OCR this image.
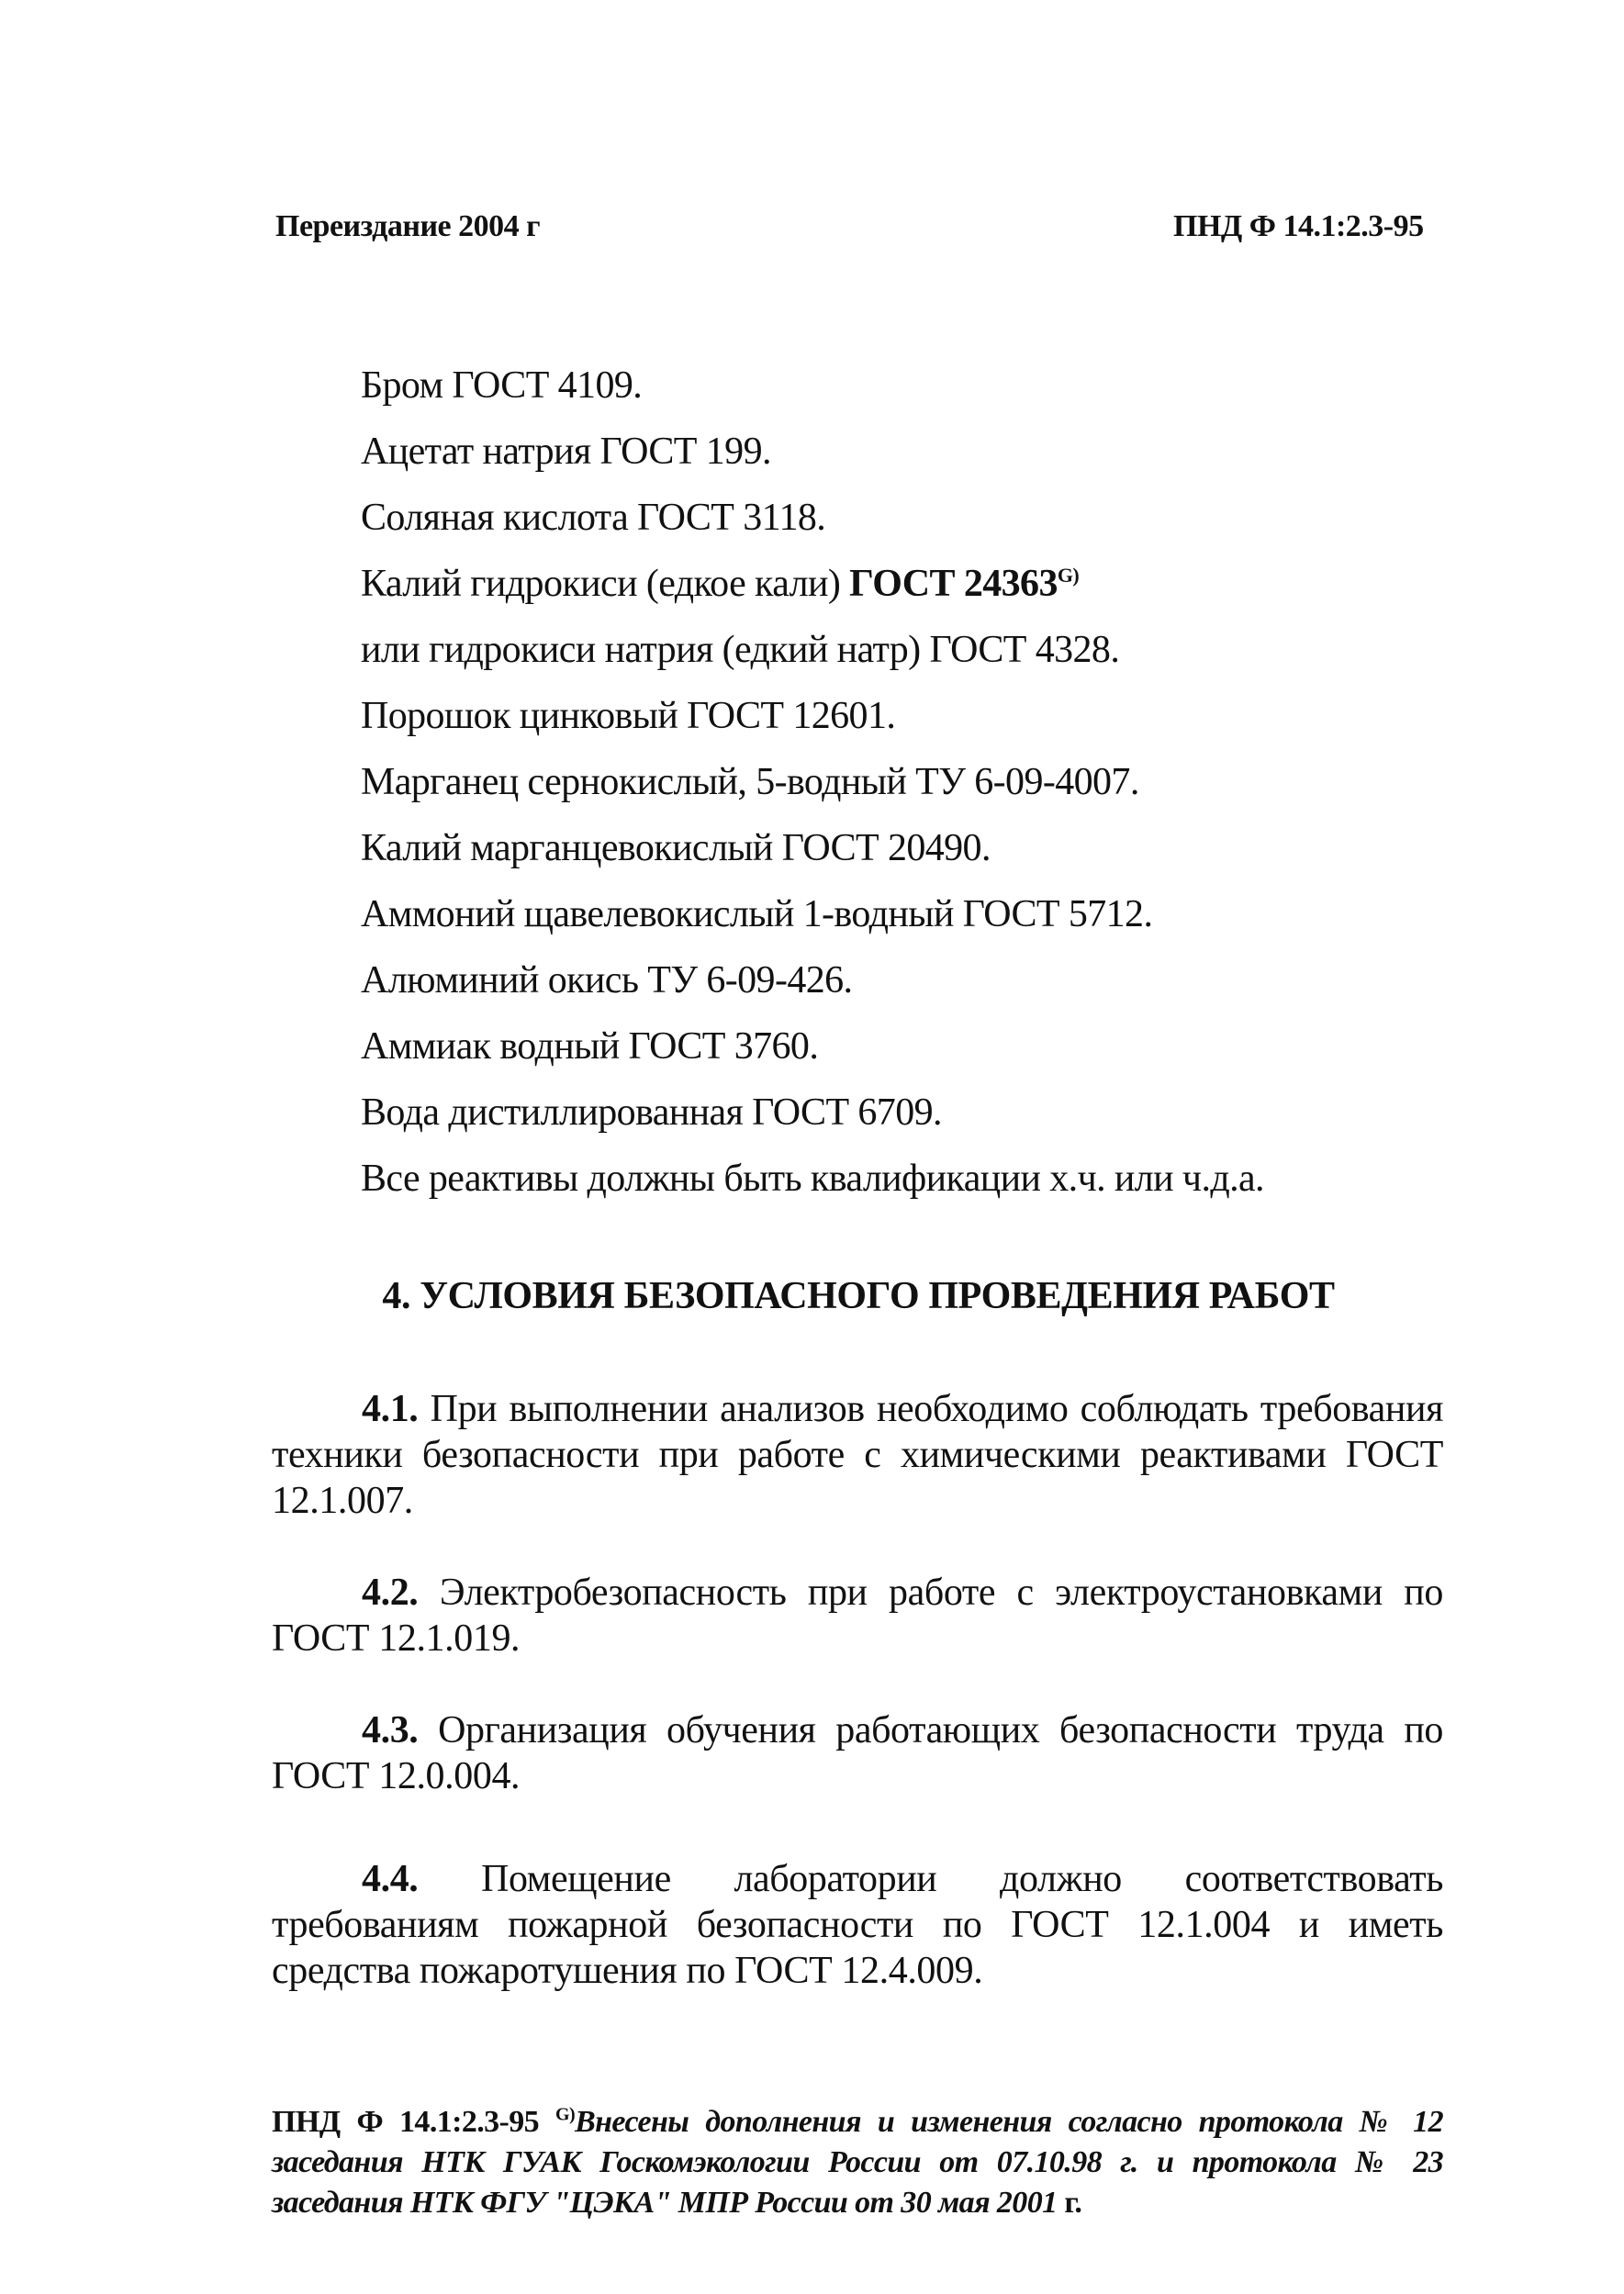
Переиздание 2004 г	ПНД Ф 14.1:2.3-95
Бром ГОСТ 4109.
Ацетат натрия ГОСТ 199.
Соляная кислота ГОСТ 3118.
Калий гидрокиси (едкое кали) ГОСТ $24363^{G)}$
или гидрокиси натрия (едкий натр) ГОСТ 4328.
Порошок цинковый ГОСТ 12601.
Марганец сернокислый, 5-водный ТУ 6-09-4007.
Калий марганцевокислый ГОСТ 20490.
Аммоний щавелевокислый 1-водный ГОСТ 5712.
Алюминий окись ТУ 6-09-426.
Аммиак водный ГОСТ 3760.
Вода дистиллированная ГОСТ 6709.
Все реактивы должны быть квалификации х.ч. или ч.д.а.
4. УСЛОВИЯ БЕЗОПАСНОГО ПРОВЕДЕНИЯ РАБОТ
4.1. При выполнении анализов необходимо соблюдать требования техники безопасности при работе с химическими реактивами ГОСТ 12.1.007.
4.2. Электробезопасность при работе с электроустановками по ГОСТ 12.1.019.
4.3. Организация обучения работающих безопасности труда по ГОСТ 12.0.004.
4.4. Помещение лаборатории должно соответствовать требованиям пожарной безопасности по ГОСТ 12.1.004 и иметь средства пожаротушения по ГОСТ 12.4.009.
ПНД Ф 14.1:2.3-95 $^{G)}$Внесены дополнения и изменения согласно протокола № 12 заседания НТК ГУАК Госкомэкологии России от 07.10.98 г. и протокола № 23 заседания НТК ФГУ "ЦЭКА" МПР России от 30 мая 2001 г.
